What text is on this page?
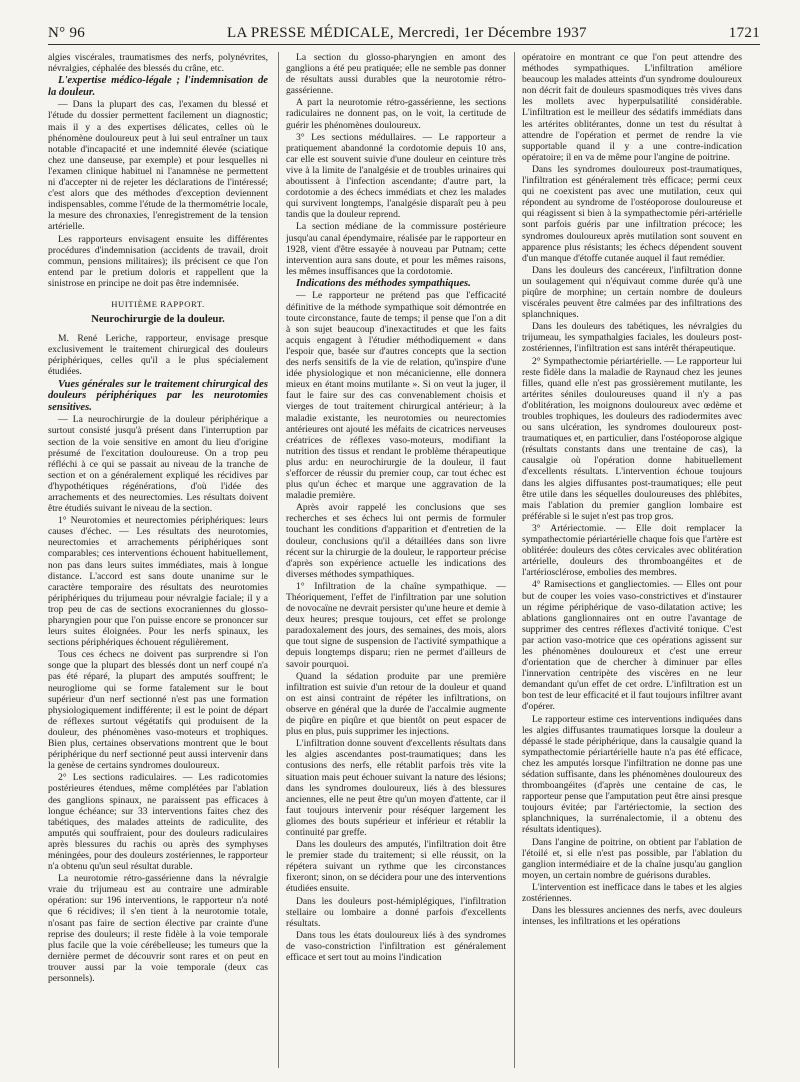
N° 96	LA PRESSE MÉDICALE, Mercredi, 1er Décembre 1937	1721

algies viscérales, traumatismes des nerfs, polynévrites, névralgies, céphalée des blessés du crâne, etc.

L'expertise médico-légale ; l'indemnisation de la douleur.

— Dans la plupart des cas, l'examen du blessé et l'étude du dossier permettent facilement un diagnostic; mais il y a des expertises délicates, celles où le phénomène douloureux peut à lui seul entraîner un taux notable d'incapacité et une indemnité élevée (sciatique chez une danseuse, par exemple) et pour lesquelles ni l'examen clinique habituel ni l'anamnèse ne permettent ni d'accepter ni de rejeter les déclarations de l'intéressé; c'est alors que des méthodes d'exception deviennent indispensables, comme l'étude de la thermométrie locale, la mesure des chronaxies, l'enregistrement de la tension artérielle.

Les rapporteurs envisagent ensuite les différentes procédures d'indemnisation (accidents de travail, droit commun, pensions militaires); ils précisent ce que l'on entend par le pretium doloris et rappellent que la sinistrose en principe ne doit pas être indemnisée.

HUITIÈME RAPPORT.

Neurochirurgie de la douleur.

M. René Leriche, rapporteur, envisage presque exclusivement le traitement chirurgical des douleurs périphériques, celles qu'il a le plus spécialement étudiées.

Vues générales sur le traitement chirurgical des douleurs périphériques par les neurotomies sensitives.

— La neurochirurgie de la douleur périphérique a surtout consisté jusqu'à présent dans l'interruption par section de la voie sensitive en amont du lieu d'origine présumé de l'excitation douloureuse. On a trop peu réfléchi à ce qui se passait au niveau de la tranche de section et on a généralement expliqué les récidives par d'hypothétiques régénérations, d'où l'idée des arrachements et des neurectomies. Les résultats doivent être étudiés suivant le niveau de la section.

1° Neurotomies et neurectomies périphériques: leurs causes d'échec. — Les résultats des neurotomies, neurectomies et arrachements périphériques sont comparables; ces interventions échouent habituellement, non pas dans leurs suites immédiates, mais à longue distance. L'accord est sans doute unanime sur le caractère temporaire des résultats des neurotomies périphériques du trijumeau pour névralgie faciale; il y a trop peu de cas de sections exocraniennes du glosso-pharyngien pour que l'on puisse encore se prononcer sur leurs suites éloignées. Pour les nerfs spinaux, les sections périphériques échouent régulièrement.

Tous ces échecs ne doivent pas surprendre si l'on songe que la plupart des blessés dont un nerf coupé n'a pas été réparé, la plupart des amputés souffrent; le neurogliome qui se forme fatalement sur le bout supérieur d'un nerf sectionné n'est pas une formation physiologiquement indifférente; il est le point de départ de réflexes surtout végétatifs qui produisent de la douleur, des phénomènes vaso-moteurs et trophiques. Bien plus, certaines observations montrent que le bout périphérique du nerf sectionné peut aussi intervenir dans la genèse de certains syndromes douloureux.

2° Les sections radiculaires. — Les radicotomies postérieures étendues, même complétées par l'ablation des ganglions spinaux, ne paraissent pas efficaces à longue échéance; sur 33 interventions faites chez des tabétiques, des malades atteints de radiculite, des amputés qui souffraient, pour des douleurs radiculaires après blessures du rachis ou après des symphyses méningées, pour des douleurs zostériennes, le rapporteur n'a obtenu qu'un seul résultat durable.

La neurotomie rétro-gassérienne dans la névralgie vraie du trijumeau est au contraire une admirable opération: sur 196 interventions, le rapporteur n'a noté que 6 récidives; il s'en tient à la neurotomie totale, n'osant pas faire de section élective par crainte d'une reprise des douleurs; il reste fidèle à la voie temporale plus facile que la voie cérébelleuse; les tumeurs que la dernière permet de découvrir sont rares et on peut en trouver aussi par la voie temporale (deux cas personnels).

La section du glosso-pharyngien en amont des ganglions a été peu pratiquée; elle ne semble pas donner de résultats aussi durables que la neurotomie rétro-gassérienne.

A part la neurotomie rétro-gassérienne, les sections radiculaires ne donnent pas, on le voit, la certitude de guérir les phénomènes douloureux.

3° Les sections médullaires. — Le rapporteur a pratiquement abandonné la cordotomie depuis 10 ans, car elle est souvent suivie d'une douleur en ceinture très vive à la limite de l'analgésie et de troubles urinaires qui aboutissent à l'infection ascendante; d'autre part, la cordotomie a des échecs immédiats et chez les malades qui survivent longtemps, l'analgésie disparaît peu à peu tandis que la douleur reprend.

La section médiane de la commissure postérieure jusqu'au canal épendymaire, réalisée par le rapporteur en 1928, vient d'être essayée à nouveau par Putnam; cette intervention aura sans doute, et pour les mêmes raisons, les mêmes insuffisances que la cordotomie.

Indications des méthodes sympathiques.

— Le rapporteur ne prétend pas que l'efficacité définitive de la méthode sympathique soit démontrée en toute circonstance, faute de temps; il pense que l'on a dit à son sujet beaucoup d'inexactitudes et que les faits acquis engagent à l'étudier méthodiquement « dans l'espoir que, basée sur d'autres concepts que la section des nerfs sensitifs de la vie de relation, qu'inspire d'une idée physiologique et non mécanicienne, elle donnera mieux en étant moins mutilante ». Si on veut la juger, il faut le faire sur des cas convenablement choisis et vierges de tout traitement chirurgical antérieur; à la maladie existante, les neurotomies ou neurectomies antérieures ont ajouté les méfaits de cicatrices nerveuses créatrices de réflexes vaso-moteurs, modifiant la nutrition des tissus et rendant le problème thérapeutique plus ardu: en neurochirurgie de la douleur, il faut s'efforcer de réussir du premier coup, car tout échec est plus qu'un échec et marque une aggravation de la maladie première.

Après avoir rappelé les conclusions que ses recherches et ses échecs lui ont permis de formuler touchant les conditions d'apparition et d'entretien de la douleur, conclusions qu'il a détaillées dans son livre récent sur la chirurgie de la douleur, le rapporteur précise d'après son expérience actuelle les indications des diverses méthodes sympathiques.

1° Infiltration de la chaîne sympathique. — Théoriquement, l'effet de l'infiltration par une solution de novocaïne ne devrait persister qu'une heure et demie à deux heures; presque toujours, cet effet se prolonge paradoxalement des jours, des semaines, des mois, alors que tout signe de suspension de l'activité sympathique a depuis longtemps disparu; rien ne permet d'ailleurs de savoir pourquoi.

Quand la sédation produite par une première infiltration est suivie d'un retour de la douleur et quand on est ainsi contraint de répéter les infiltrations, on observe en général que la durée de l'accalmie augmente de piqûre en piqûre et que bientôt on peut espacer de plus en plus, puis supprimer les injections.

L'infiltration donne souvent d'excellents résultats dans les algies ascendantes post-traumatiques; dans les contusions des nerfs, elle rétablit parfois très vite la situation mais peut échouer suivant la nature des lésions; dans les syndromes douloureux, liés à des blessures anciennes, elle ne peut être qu'un moyen d'attente, car il faut toujours intervenir pour réséquer largement les gliomes des bouts supérieur et inférieur et rétablir la continuité par greffe.

Dans les douleurs des amputés, l'infiltration doit être le premier stade du traitement; si elle réussit, on la répétera suivant un rythme que les circonstances fixeront; sinon, on se décidera pour une des interventions étudiées ensuite.

Dans les douleurs post-hémiplégiques, l'infiltration stellaire ou lombaire a donné parfois d'excellents résultats.

Dans tous les états douloureux liés à des syndromes de vaso-constriction l'infiltration est généralement efficace et sert tout au moins l'indication

opératoire en montrant ce que l'on peut attendre des méthodes sympathiques. L'infiltration améliore beaucoup les malades atteints d'un syndrome douloureux non décrit fait de douleurs spasmodiques très vives dans les mollets avec hyperpulsatilité considérable. L'infiltration est le meilleur des sédatifs immédiats dans les artérites oblitérantes, donne un test du résultat à attendre de l'opération et permet de rendre la vie supportable quand il y a une contre-indication opératoire; il en va de même pour l'angine de poitrine.

Dans les syndromes douloureux post-traumatiques, l'infiltration est généralement très efficace; permi ceux qui ne coexistent pas avec une mutilation, ceux qui répondent au syndrome de l'ostéoporose douloureuse et qui réagissent si bien à la sympathectomie péri-artérielle sont parfois guéris par une infiltration précoce; les syndromes douloureux après mutilation sont souvent en apparence plus résistants; les échecs dépendent souvent d'un manque d'étoffe cutanée auquel il faut remédier.

Dans les douleurs des cancéreux, l'infiltration donne un soulagement qui n'équivaut comme durée qu'à une piqûre de morphine; un certain nombre de douleurs viscérales peuvent être calmées par des infiltrations des splanchniques.

Dans les douleurs des tabétiques, les névralgies du trijumeau, les sympathalgies faciales, les douleurs post-zostériennes, l'infiltration est sans intérêt thérapeutique.

2° Sympathectomie périartérielle. — Le rapporteur lui reste fidèle dans la maladie de Raynaud chez les jeunes filles, quand elle n'est pas grossièrement mutilante, les artérites séniles douloureuses quand il n'y a pas d'oblitération, les moignons douloureux avec œdème et troubles trophiques, les douleurs des radiodermites avec ou sans ulcération, les syndromes douloureux post-traumatiques et, en particulier, dans l'ostéoporose algique (résultats constants dans une trentaine de cas), la causalgie où l'opération donne habituellement d'excellents résultats. L'intervention échoue toujours dans les algies diffusantes post-traumatiques; elle peut être utile dans les séquelles douloureuses des phlébites, mais l'ablation du premier ganglion lombaire est préférable si le sujet n'est pas trop gros.

3° Artériectomie. — Elle doit remplacer la sympathectomie périartérielle chaque fois que l'artère est oblitérée: douleurs des côtes cervicales avec oblitération artérielle, douleurs des thromboangéites et de l'artériosclérose, embolies des membres.

4° Ramisections et gangliectomies. — Elles ont pour but de couper les voies vaso-constrictives et d'instaurer un régime périphérique de vaso-dilatation active; les ablations ganglionnaires ont en outre l'avantage de supprimer des centres réflexes d'activité tonique. C'est par action vaso-motrice que ces opérations agissent sur les phénomènes douloureux et c'est une erreur d'orientation que de chercher à diminuer par elles l'innervation centripète des viscères en ne leur demandant qu'un effet de cet ordre. L'infiltration est un bon test de leur efficacité et il faut toujours infiltrer avant d'opérer.

Le rapporteur estime ces interventions indiquées dans les algies diffusantes traumatiques lorsque la douleur a dépassé le stade périphérique, dans la causalgie quand la sympathectomie périartérielle haute n'a pas été efficace, chez les amputés lorsque l'infiltration ne donne pas une sédation suffisante, dans les phénomènes douloureux des thromboangéites (d'après une centaine de cas, le rapporteur pense que l'amputation peut être ainsi presque toujours évitée; par l'artériectomie, la section des splanchniques, la surrénalectomie, il a obtenu des résultats identiques).

Dans l'angine de poitrine, on obtient par l'ablation de l'étoilé et, si elle n'est pas possible, par l'ablation du ganglion intermédiaire et de la chaîne jusqu'au ganglion moyen, un certain nombre de guérisons durables.

L'intervention est inefficace dans le tabes et les algies zostériennes.

Dans les blessures anciennes des nerfs, avec douleurs intenses, les infiltrations et les opérations
